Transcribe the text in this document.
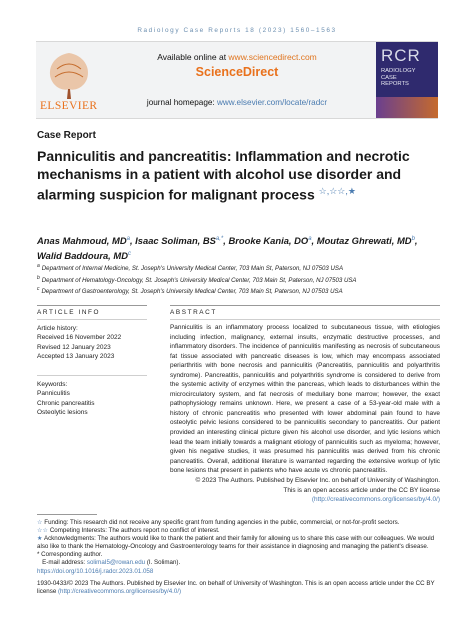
Radiology Case Reports 18 (2023) 1560–1563
ELSEVIER
Available online at www.sciencedirect.com
ScienceDirect
journal homepage: www.elsevier.com/locate/radcr
RCR
RADIOLOGY
CASE
REPORTS
Case Report
Panniculitis and pancreatitis: Inflammation and necrotic mechanisms in a patient with alcohol use disorder and alarming suspicion for malignant process ☆,☆☆,★
Anas Mahmoud, $MD^a$, Isaac Soliman, $BS^{a,*}$, Brooke Kania, $DO^a$, Moutaz Ghrewati, $MD^b$, Walid Baddoura, $MD^c$
$^a$ Department of Internal Medicine, St. Joseph's University Medical Center, 703 Main St, Paterson, NJ 07503 USA
$^b$ Department of Hematology-Oncology, St. Joseph's University Medical Center, 703 Main St, Paterson, NJ 07503 USA
$^c$ Department of Gastroenterology, St. Joseph's University Medical Center, 703 Main St, Paterson, NJ 07503 USA
ARTICLE INFO	ABSTRACT
Article history:
Received 16 November 2022
Revised 12 January 2023
Accepted 13 January 2023
Keywords:
Panniculitis
Chronic pancreatitis
Osteolytic lesions
Panniculitis is an inflammatory process localized to subcutaneous tissue, with etiologies including infection, malignancy, external insults, enzymatic destructive processes, and inflammatory disorders. The incidence of panniculitis manifesting as necrosis of subcutaneous fat tissue associated with pancreatic diseases is low, which may encompass associated periarthritis with bone necrosis and panniculitis (Pancreatitis, panniculitis and polyarthritis syndrome). Pancreatitis, panniculitis and polyarthritis syndrome is considered to derive from the systemic activity of enzymes within the pancreas, which leads to disturbances within the microcirculatory system, and fat necrosis of medullary bone marrow; however, the exact pathophysiology remains unknown. Here, we present a case of a 53-year-old male with a history of chronic pancreatitis who presented with lower abdominal pain found to have osteolytic pelvic lesions considered to be panniculitis secondary to pancreatitis. Our patient provided an interesting clinical picture given his alcohol use disorder, and lytic lesions which lead the team initially towards a malignant etiology of panniculitis such as myeloma; however, given his negative studies, it was presumed his panniculitis was derived from his chronic pancreatitis. Overall, additional literature is warranted regarding the extensive workup of lytic bone lesions that present in patients who have acute vs chronic pancreatitis.
© 2023 The Authors. Published by Elsevier Inc. on behalf of University of Washington.
This is an open access article under the CC BY license
(http://creativecommons.org/licenses/by/4.0/)
☆ Funding: This research did not receive any specific grant from funding agencies in the public, commercial, or not-for-profit sectors.
☆☆ Competing Interests: The authors report no conflict of interest.
★ Acknowledgments: The authors would like to thank the patient and their family for allowing us to share this case with our colleagues. We would also like to thank the Hematology-Oncology and Gastroenterology teams for their assistance in diagnosing and managing the patient's disease.
* Corresponding author.
E-mail address: solimaI5@rowan.edu (I. Soliman).
https://doi.org/10.1016/j.radcr.2023.01.058
1930-0433/© 2023 The Authors. Published by Elsevier Inc. on behalf of University of Washington. This is an open access article under the CC BY license (http://creativecommons.org/licenses/by/4.0/)
